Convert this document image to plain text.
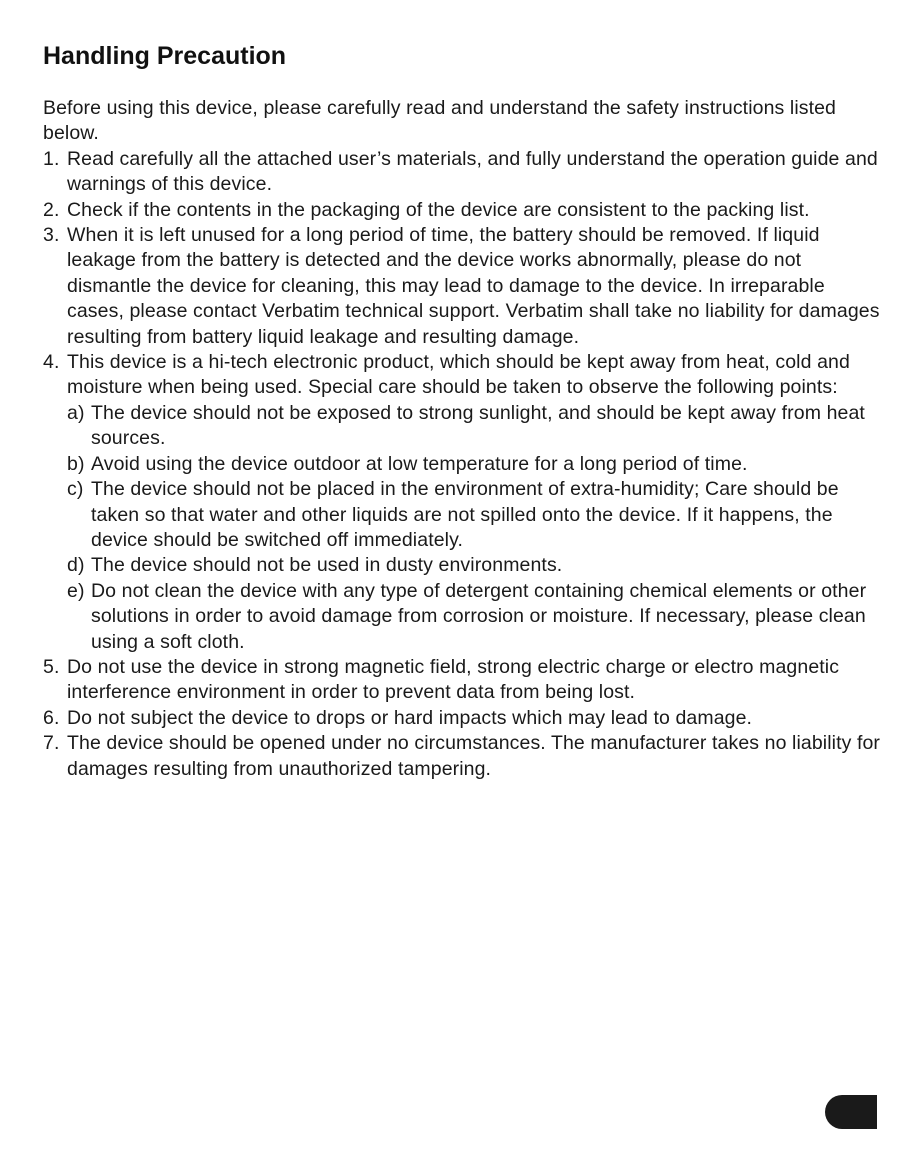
Handling Precaution

Before using this device, please carefully read and understand the safety instructions listed below.

1. Read carefully all the attached user’s materials, and fully understand the operation guide and warnings of this device.
2. Check if the contents in the packaging of the device are consistent to the packing list.
3. When it is left unused for a long period of time, the battery should be removed. If liquid leakage from the battery is detected and the device works abnormally, please do not dismantle the device for cleaning, this may lead to damage to the device. In irreparable cases, please contact Verbatim technical support. Verbatim shall take no liability for damages resulting from battery liquid leakage and resulting damage.
4. This device is a hi-tech electronic product, which should be kept away from heat, cold and moisture when being used. Special care should be taken to observe the following points:
a) The device should not be exposed to strong sunlight, and should be kept away from heat sources.
b) Avoid using the device outdoor at low temperature for a long period of time.
c) The device should not be placed in the environment of extra-humidity; Care should be taken so that water and other liquids are not spilled onto the device. If it happens, the device should be switched off immediately.
d) The device should not be used in dusty environments.
e) Do not clean the device with any type of detergent containing chemical elements or other solutions in order to avoid damage from corrosion or moisture. If necessary, please clean using a soft cloth.
5. Do not use the device in strong magnetic field, strong electric charge or electro magnetic interference environment in order to prevent data from being lost.
6. Do not subject the device to drops or hard impacts which may lead to damage.
7. The device should be opened under no circumstances. The manufacturer takes no liability for damages resulting from unauthorized tampering.
